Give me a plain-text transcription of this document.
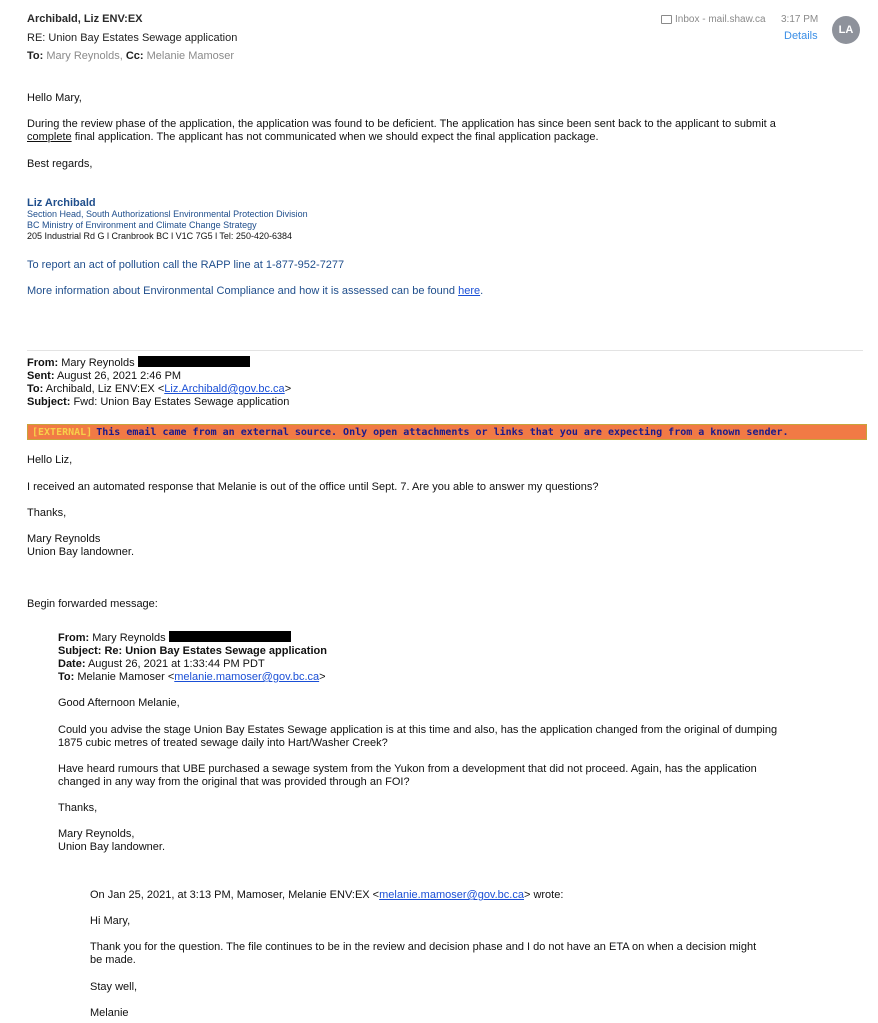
Archibald, Liz ENV:EX
RE: Union Bay Estates Sewage application
To: Mary Reynolds, Cc: Melanie Mamoser
Inbox - mail.shaw.ca 3:17 PM
Details	LA

Hello Mary,

During the review phase of the application, the application was found to be deficient. The application has since been sent back to the applicant to submit a

complete final application. The applicant has not communicated when we should expect the final application package.

Best regards,

Liz Archibald
Section Head, South Authorizationsl Environmental Protection Division
BC Ministry of Environment and Climate Change Strategy
205 Industrial Rd G l Cranbrook BC l V1C 7G5 l Tel: 250-420-6384

To report an act of pollution call the RAPP line at 1-877-952-7277

More information about Environmental Compliance and how it is assessed can be found here.

From: Mary Reynolds

Sent: August 26, 2021 2:46 PM

To: Archibald, Liz ENV:EX <Liz.Archibald@gov.bc.ca>

Subject: Fwd: Union Bay Estates Sewage application

[EXTERNAL] This email came from an external source. Only open attachments or links that you are expecting from a known sender.

Hello Liz,

I received an automated response that Melanie is out of the office until Sept. 7. Are you able to answer my questions?

Thanks,

Mary Reynolds

Union Bay landowner.

Begin forwarded message:

From: Mary Reynolds

Subject: Re: Union Bay Estates Sewage application

Date: August 26, 2021 at 1:33:44 PM PDT

To: Melanie Mamoser <melanie.mamoser@gov.bc.ca>

Good Afternoon Melanie,

Could you advise the stage Union Bay Estates Sewage application is at this time and also, has the application changed from the original of dumping

1875 cubic metres of treated sewage daily into Hart/Washer Creek?

Have heard rumours that UBE purchased a sewage system from the Yukon from a development that did not proceed. Again, has the application

changed in any way from the original that was provided through an FOI?

Thanks,

Mary Reynolds,

Union Bay landowner.

On Jan 25, 2021, at 3:13 PM, Mamoser, Melanie ENV:EX <melanie.mamoser@gov.bc.ca> wrote:

Hi Mary,

Thank you for the question. The file continues to be in the review and decision phase and I do not have an ETA on when a decision might

be made.

Stay well,

Melanie
